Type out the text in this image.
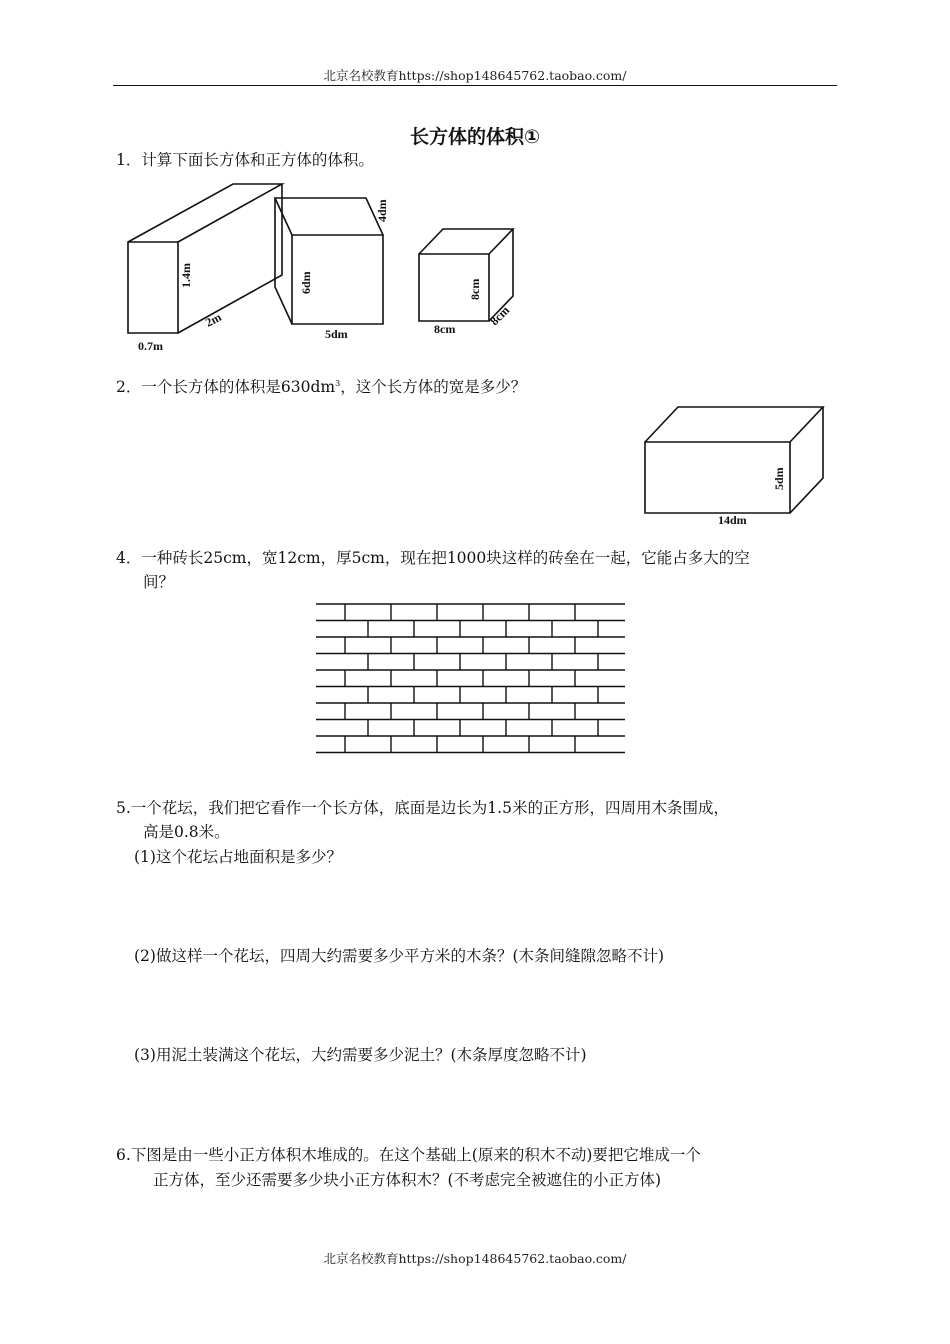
北京名校教育https://shop148645762.taobao.com/
北京名校教育https://shop148645762.taobao.com/
长方体的体积①
1．计算下面长方体和正方体的体积。
1.4m
2m
0.7m
4dm
6dm
5dm
8cm
8cm
8cm
2．一个长方体的体积是$630dm^3$，这个长方体的宽是多少？
5dm
14dm
4．一种砖长25cm，宽12cm，厚5cm，现在把1000块这样的砖垒在一起，它能占多大的空
间？
5.一个花坛，我们把它看作一个长方体，底面是边长为1.5米的正方形，四周用木条围成，
高是0.8米。
(1)这个花坛占地面积是多少？
(2)做这样一个花坛，四周大约需要多少平方米的木条？(木条间缝隙忽略不计)
(3)用泥土装满这个花坛，大约需要多少泥土？(木条厚度忽略不计)
6.下图是由一些小正方体积木堆成的。在这个基础上(原来的积木不动)要把它堆成一个
正方体，至少还需要多少块小正方体积木？(不考虑完全被遮住的小正方体)
